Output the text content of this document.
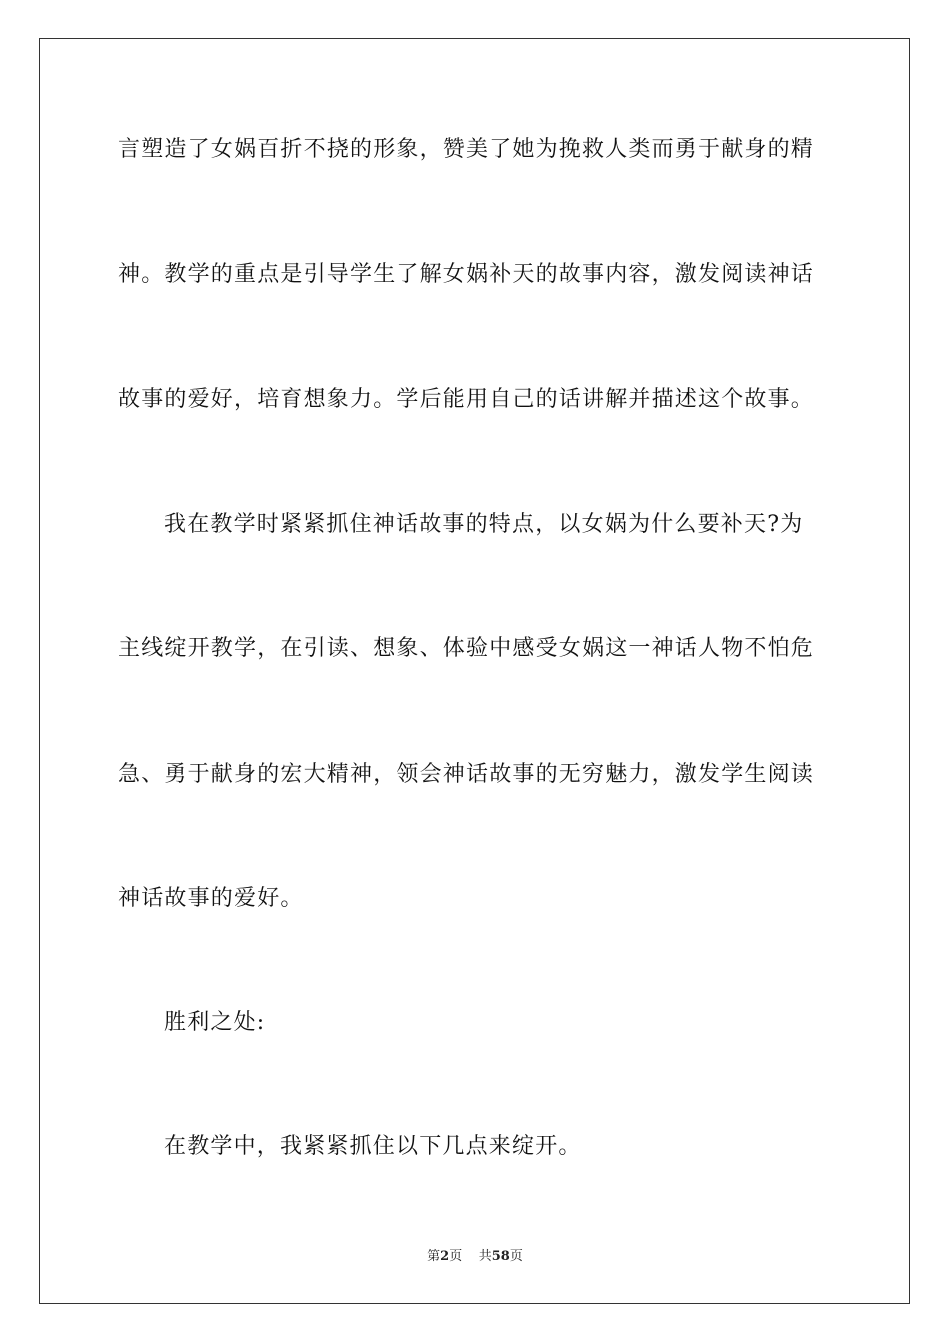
言塑造了女娲百折不挠的形象，赞美了她为挽救人类而勇于献身的精
神。教学的重点是引导学生了解女娲补天的故事内容，激发阅读神话
故事的爱好，培育想象力。学后能用自己的话讲解并描述这个故事。
我在教学时紧紧抓住神话故事的特点，以女娲为什么要补天?为
主线绽开教学，在引读、想象、体验中感受女娲这一神话人物不怕危
急、勇于献身的宏大精神，领会神话故事的无穷魅力，激发学生阅读
神话故事的爱好。
胜利之处:
在教学中，我紧紧抓住以下几点来绽开。
第2页 共58页
